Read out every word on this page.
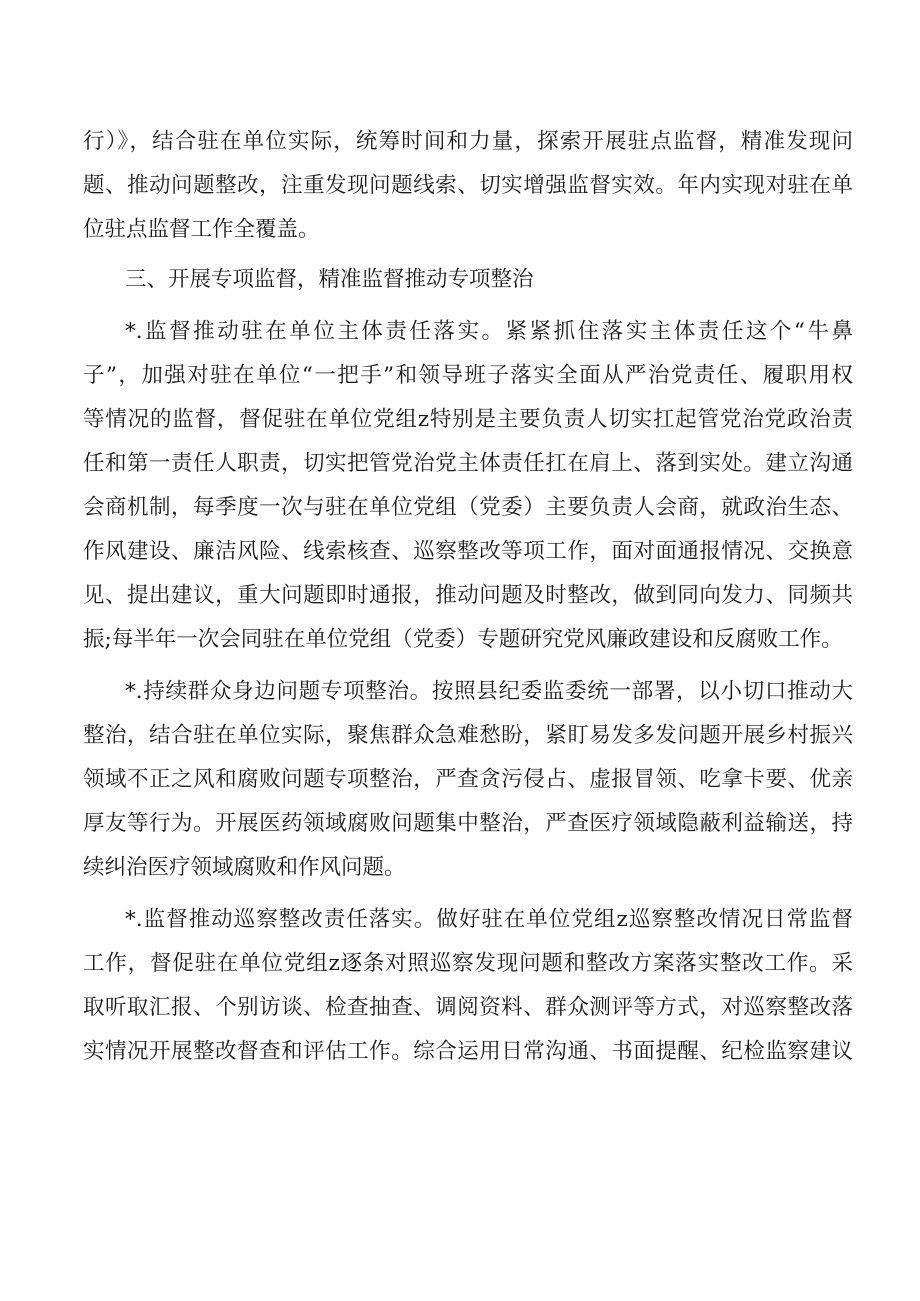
行）》，结合驻在单位实际，统筹时间和力量，探索开展驻点监督，精准发现问
题、推动问题整改，注重发现问题线索、切实增强监督实效。年内实现对驻在单
位驻点监督工作全覆盖。
三、开展专项监督，精准监督推动专项整治
*.监督推动驻在单位主体责任落实。紧紧抓住落实主体责任这个“牛鼻
子”，加强对驻在单位“一把手”和领导班子落实全面从严治党责任、履职用权
等情况的监督，督促驻在单位党组z特别是主要负责人切实扛起管党治党政治责
任和第一责任人职责，切实把管党治党主体责任扛在肩上、落到实处。建立沟通
会商机制，每季度一次与驻在单位党组（党委）主要负责人会商，就政治生态、
作风建设、廉洁风险、线索核查、巡察整改等项工作，面对面通报情况、交换意
见、提出建议，重大问题即时通报，推动问题及时整改，做到同向发力、同频共
振;每半年一次会同驻在单位党组（党委）专题研究党风廉政建设和反腐败工作。
*.持续群众身边问题专项整治。按照县纪委监委统一部署，以小切口推动大
整治，结合驻在单位实际，聚焦群众急难愁盼，紧盯易发多发问题开展乡村振兴
领域不正之风和腐败问题专项整治，严查贪污侵占、虚报冒领、吃拿卡要、优亲
厚友等行为。开展医药领域腐败问题集中整治，严查医疗领域隐蔽利益输送，持
续纠治医疗领域腐败和作风问题。
*.监督推动巡察整改责任落实。做好驻在单位党组z巡察整改情况日常监督
工作，督促驻在单位党组z逐条对照巡察发现问题和整改方案落实整改工作。采
取听取汇报、个别访谈、检查抽查、调阅资料、群众测评等方式，对巡察整改落
实情况开展整改督查和评估工作。综合运用日常沟通、书面提醒、纪检监察建议
